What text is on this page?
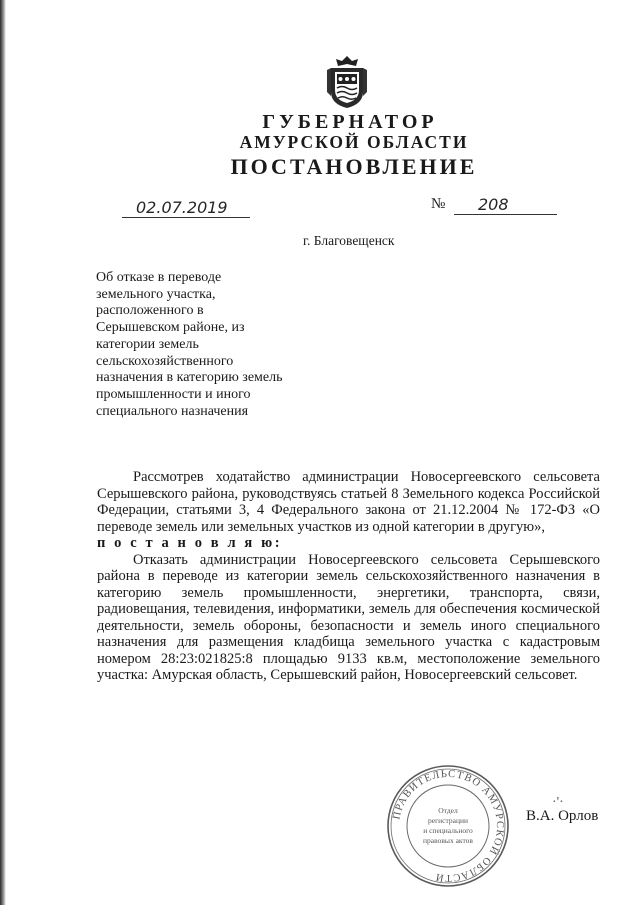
ГУБЕРНАТОР
АМУРСКОЙ ОБЛАСТИ
ПОСТАНОВЛЕНИЕ
02.07.2019	№ 208
г. Благовещенск
Об отказе в переводе
земельного участка,
расположенного в
Серышевском районе, из
категории земель
сельскохозяйственного
назначения в категорию земель
промышленности и иного
специального назначения

Рассмотрев ходатайство администрации Новосергеевского сельсовета Серышевского района, руководствуясь статьей 8 Земельного кодекса Российской Федерации, статьями 3, 4 Федерального закона от 21.12.2004 № 172-ФЗ «О переводе земель или земельных участков из одной категории в другую»,

п о с т а н о в л я ю:

Отказать администрации Новосергеевского сельсовета Серышевского района в переводе из категории земель сельскохозяйственного назначения в категорию земель промышленности, энергетики, транспорта, связи, радиовещания, телевидения, информатики, земель для обеспечения космической деятельности, земель обороны, безопасности и земель иного специального назначения для размещения кладбища земельного участка с кадастровым номером 28:23:021825:8 площадью 9133 кв.м, местоположение земельного участка: Амурская область, Серышевский район, Новосергеевский сельсовет.

ПРАВИТЕЛЬСТВО АМУРСКОЙ ОБЛАСТИ
Отдел
регистрации
и специального
правовых актов
·'·
В.А. Орлов
